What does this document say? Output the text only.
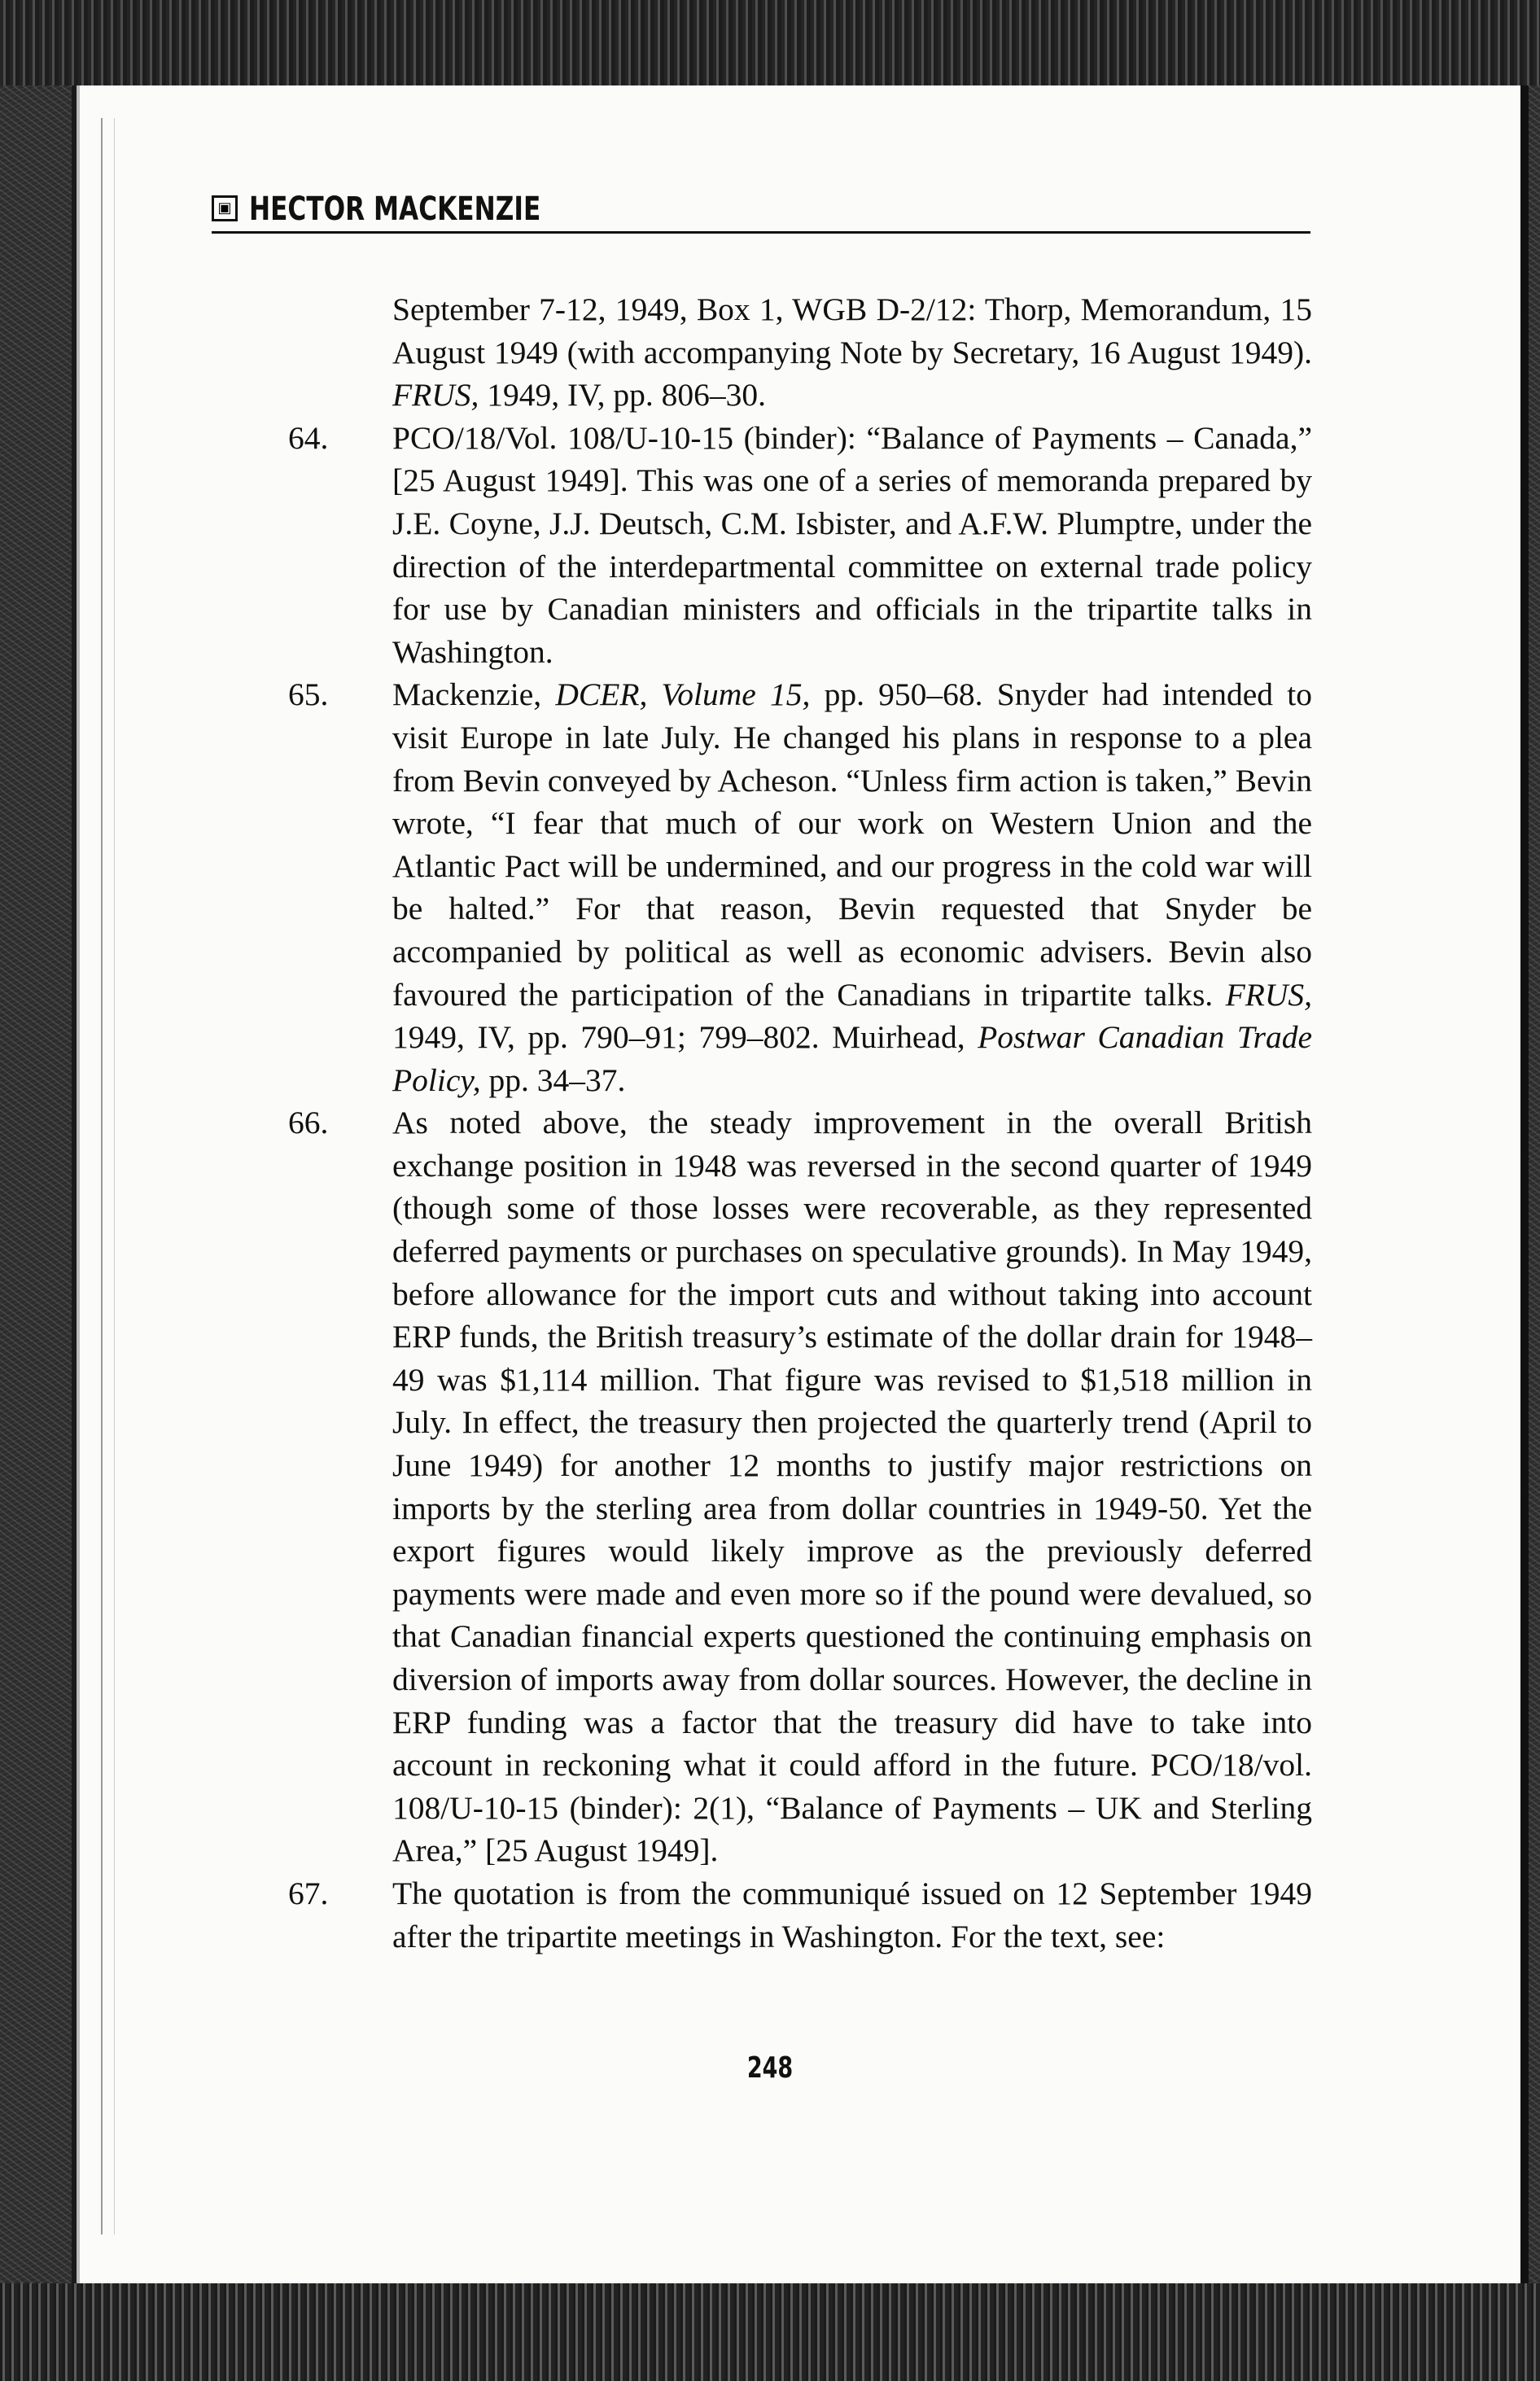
▣ HECTOR MACKENZIE

September 7-12, 1949, Box 1, WGB D-2/12: Thorp, Memorandum, 15 August 1949 (with accompanying Note by Secretary, 16 August 1949). FRUS, 1949, IV, pp. 806–30.

64. PCO/18/Vol. 108/U-10-15 (binder): “Balance of Payments – Canada,” [25 August 1949]. This was one of a series of memoranda prepared by J.E. Coyne, J.J. Deutsch, C.M. Isbister, and A.F.W. Plumptre, under the direction of the interdepartmental committee on external trade policy for use by Canadian ministers and officials in the tripartite talks in Washington.

65. Mackenzie, DCER, Volume 15, pp. 950–68. Snyder had intended to visit Europe in late July. He changed his plans in response to a plea from Bevin conveyed by Acheson. “Unless firm action is taken,” Bevin wrote, “I fear that much of our work on Western Union and the Atlantic Pact will be undermined, and our progress in the cold war will be halted.” For that reason, Bevin requested that Snyder be accompanied by political as well as economic advisers. Bevin also favoured the participation of the Canadians in tripartite talks. FRUS, 1949, IV, pp. 790–91; 799–802. Muirhead, Postwar Canadian Trade Policy, pp. 34–37.

66. As noted above, the steady improvement in the overall British exchange position in 1948 was reversed in the second quarter of 1949 (though some of those losses were recoverable, as they represented deferred payments or purchases on speculative grounds). In May 1949, before allowance for the import cuts and without taking into account ERP funds, the British treasury’s estimate of the dollar drain for 1948–49 was $1,114 million. That figure was revised to $1,518 million in July. In effect, the treasury then projected the quarterly trend (April to June 1949) for another 12 months to justify major restrictions on imports by the sterling area from dollar countries in 1949-50. Yet the export figures would likely improve as the previously deferred payments were made and even more so if the pound were devalued, so that Canadian financial experts questioned the continuing emphasis on diversion of imports away from dollar sources. However, the decline in ERP funding was a factor that the treasury did have to take into account in reckoning what it could afford in the future. PCO/18/vol. 108/U-10-15 (binder): 2(1), “Balance of Payments – UK and Sterling Area,” [25 August 1949].

67. The quotation is from the communiqué issued on 12 September 1949 after the tripartite meetings in Washington. For the text, see:

248
